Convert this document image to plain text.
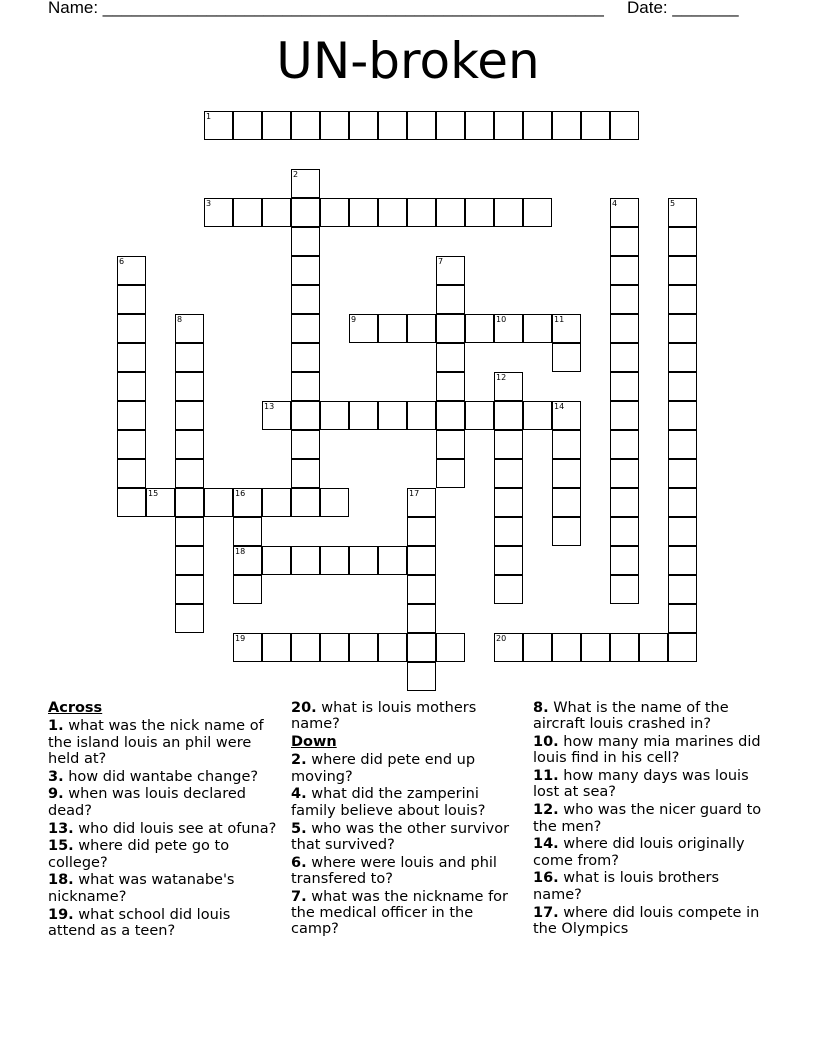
Name: _____________________________________________________ Date: _______
UN-broken
1
3
9	10	11
13	14
15	16
18
19	20
2
4	5
6	7
8
12
17
Across
1. what was the nick name of the island louis an phil were held at?
3. how did wantabe change?
9. when was louis declared dead?
13. who did louis see at ofuna?
15. where did pete go to college?
18. what was watanabe's nickname?
19. what school did louis attend as a teen?
20. what is louis mothers name?
Down
2. where did pete end up moving?
4. what did the zamperini family believe about louis?
5. who was the other survivor that survived?
6. where were louis and phil transfered to?
7. what was the nickname for the medical officer in the camp?
8. What is the name of the aircraft louis crashed in?
10. how many mia marines did louis find in his cell?
11. how many days was louis lost at sea?
12. who was the nicer guard to the men?
14. where did louis originally come from?
16. what is louis brothers name?
17. where did louis compete in the Olympics
